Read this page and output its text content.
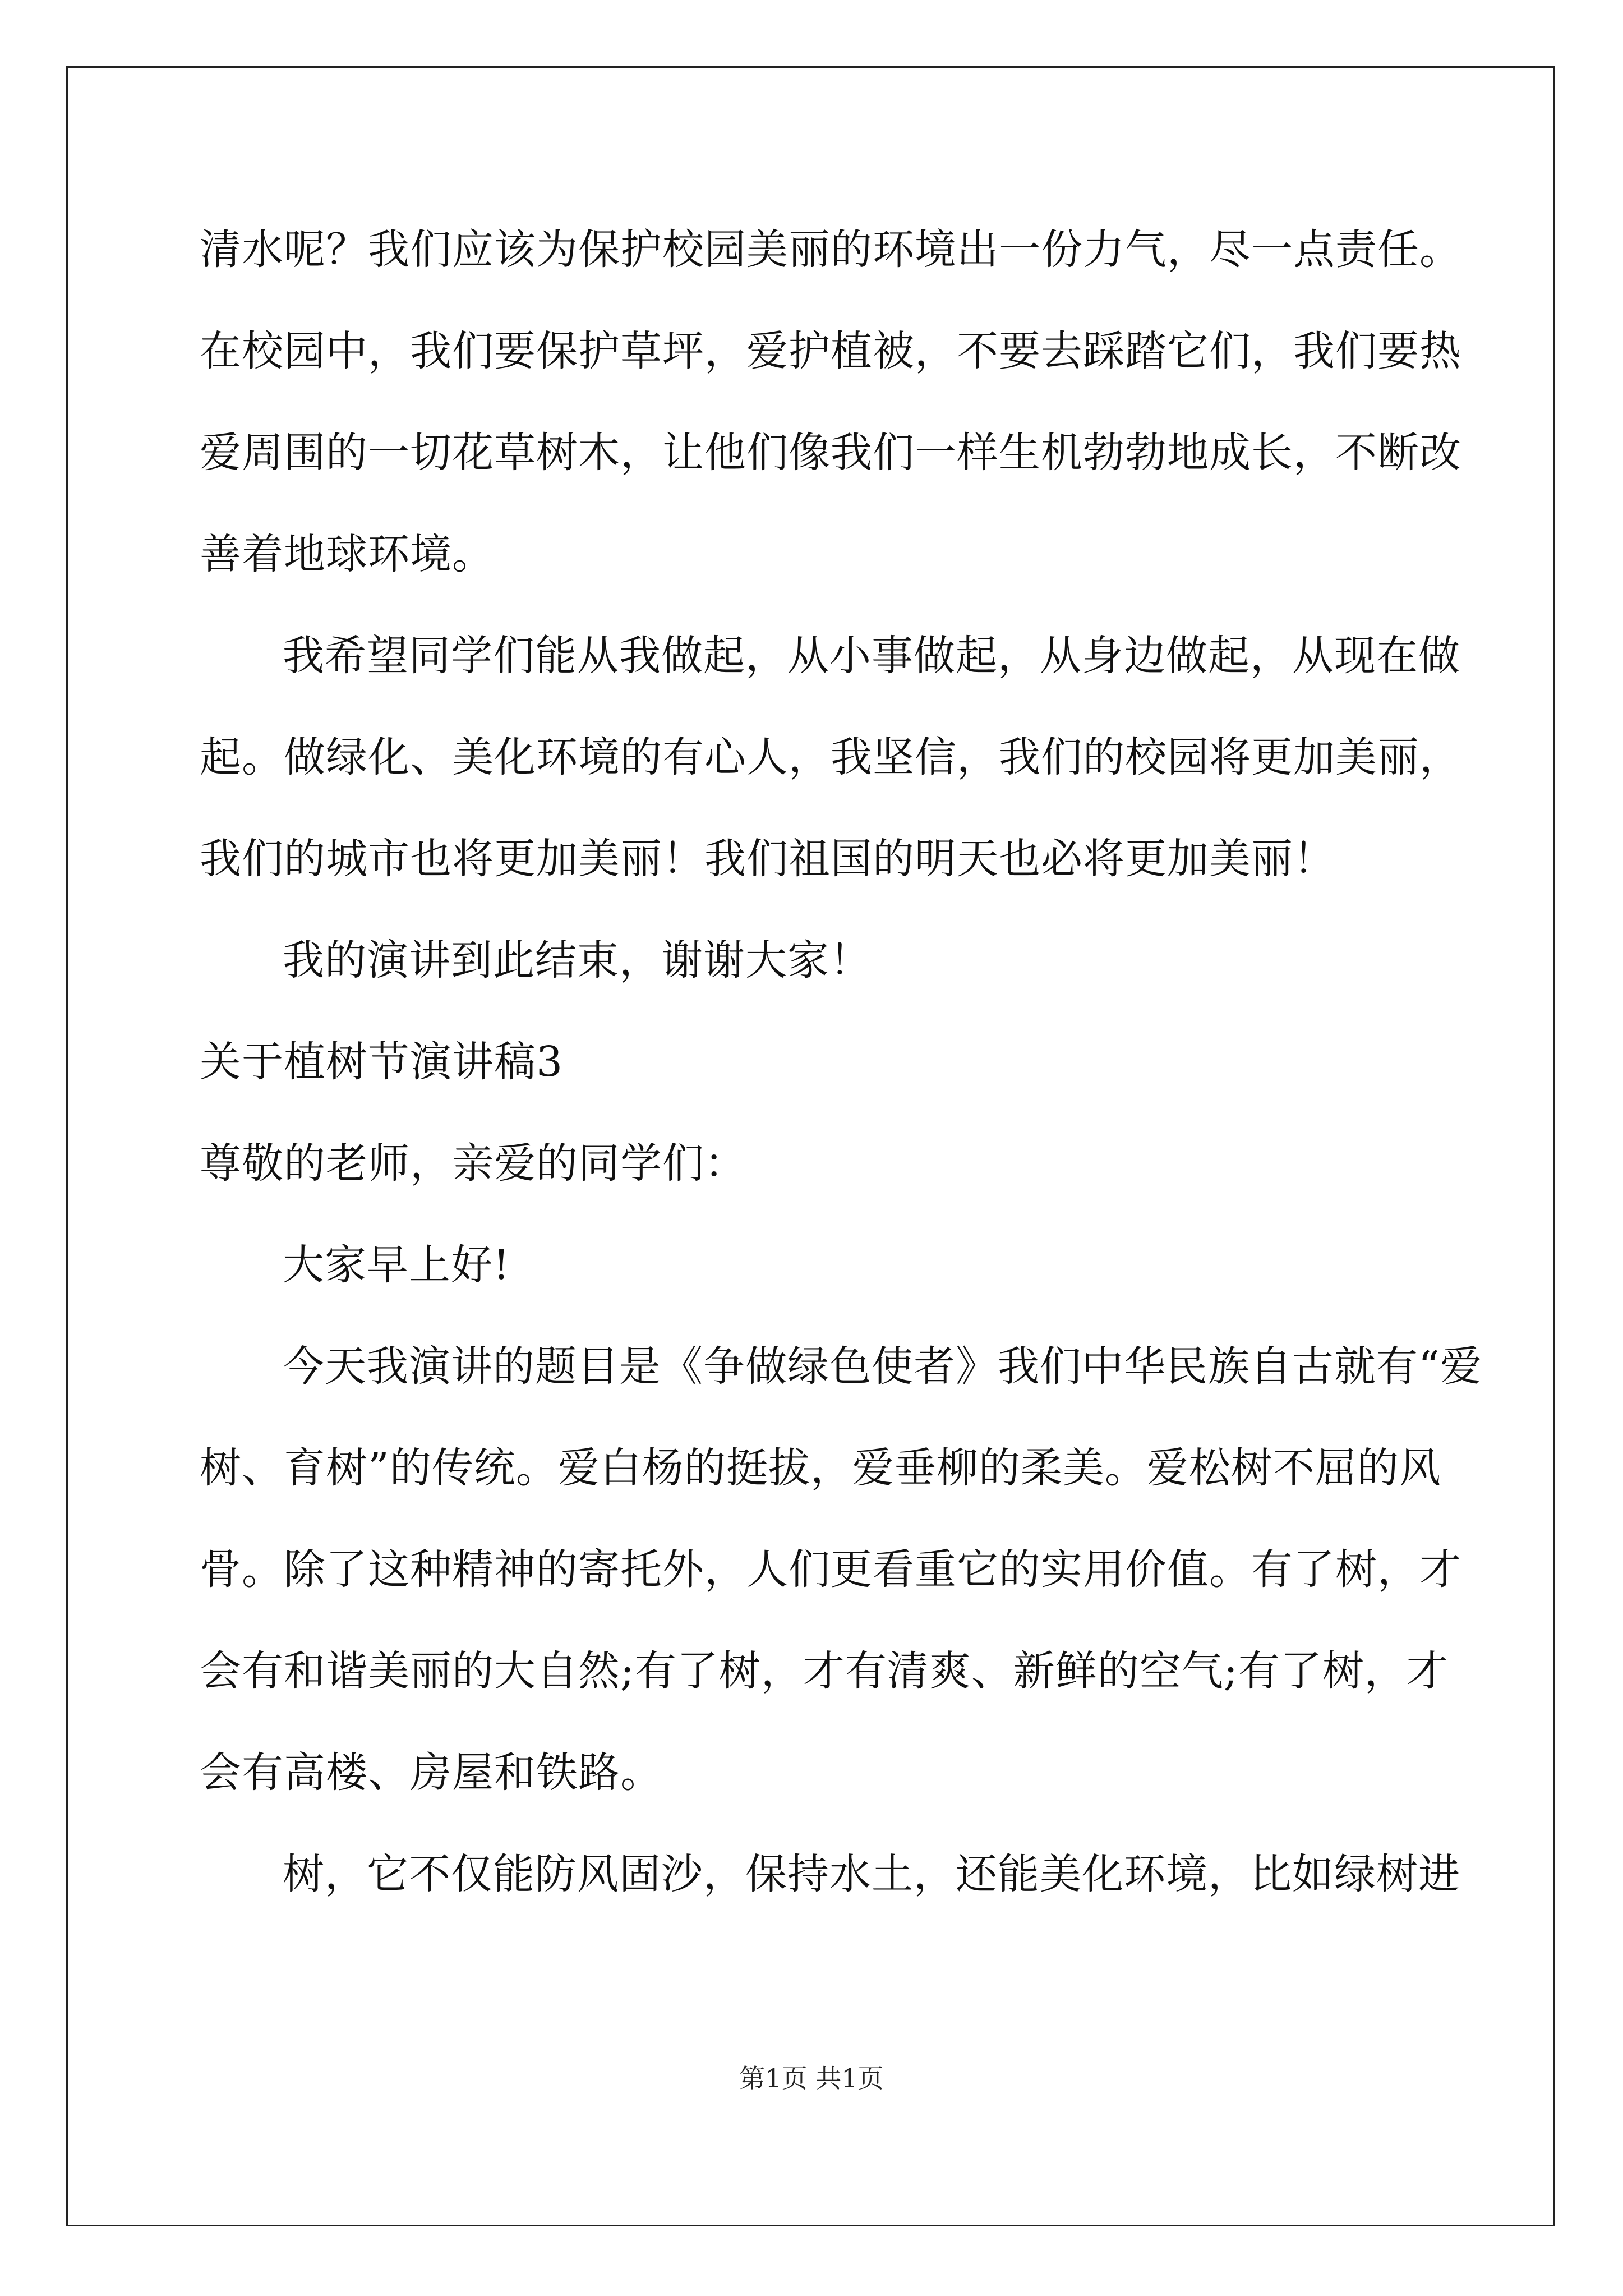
清水呢？我们应该为保护校园美丽的环境出一份力气，尽一点责任。
在校园中，我们要保护草坪，爱护植被，不要去踩踏它们，我们要热
爱周围的一切花草树木，让他们像我们一样生机勃勃地成长，不断改
善着地球环境。
我希望同学们能从我做起，从小事做起，从身边做起，从现在做
起。做绿化、美化环境的有心人，我坚信，我们的校园将更加美丽，
我们的城市也将更加美丽！我们祖国的明天也必将更加美丽！
我的演讲到此结束，谢谢大家！
关于植树节演讲稿3
尊敬的老师，亲爱的同学们：
大家早上好!
今天我演讲的题目是《争做绿色使者》我们中华民族自古就有“爱
树、育树”的传统。爱白杨的挺拔，爱垂柳的柔美。爱松树不屈的风
骨。除了这种精神的寄托外，人们更看重它的实用价值。有了树，才
会有和谐美丽的大自然;有了树，才有清爽、新鲜的空气;有了树，才
会有高楼、房屋和铁路。
树，它不仅能防风固沙，保持水土，还能美化环境，比如绿树进
第1页 共1页
